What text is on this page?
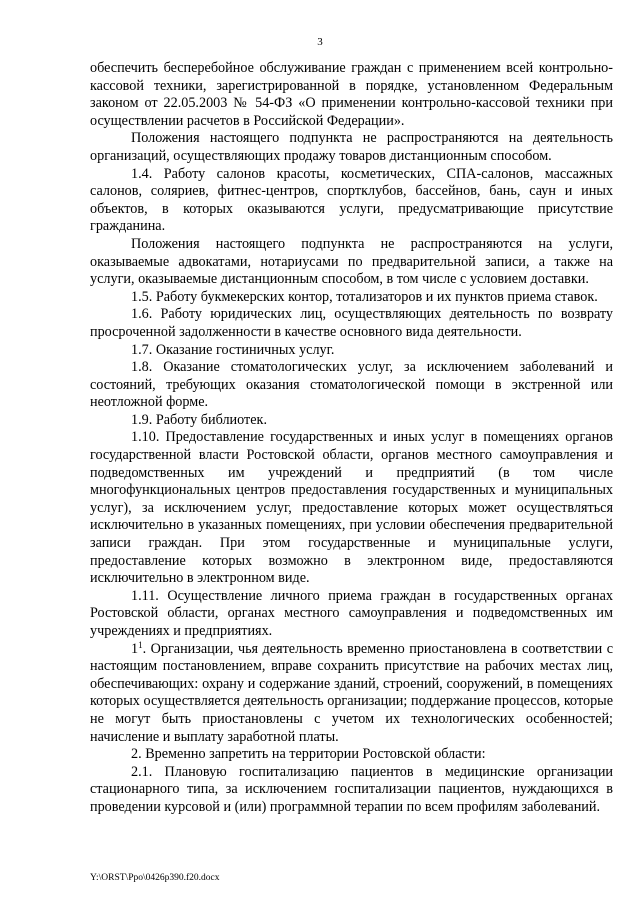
3

обеспечить бесперебойное обслуживание граждан с применением всей контрольно-кассовой техники, зарегистрированной в порядке, установленном Федеральным законом от 22.05.2003 № 54-ФЗ «О применении контрольно-кассовой техники при осуществлении расчетов в Российской Федерации».

Положения настоящего подпункта не распространяются на деятельность организаций, осуществляющих продажу товаров дистанционным способом.

1.4. Работу салонов красоты, косметических, СПА-салонов, массажных салонов, соляриев, фитнес-центров, спортклубов, бассейнов, бань, саун и иных объектов, в которых оказываются услуги, предусматривающие присутствие гражданина.

Положения настоящего подпункта не распространяются на услуги, оказываемые адвокатами, нотариусами по предварительной записи, а также на услуги, оказываемые дистанционным способом, в том числе с условием доставки.

1.5. Работу букмекерских контор, тотализаторов и их пунктов приема ставок.

1.6. Работу юридических лиц, осуществляющих деятельность по возврату просроченной задолженности в качестве основного вида деятельности.

1.7. Оказание гостиничных услуг.

1.8. Оказание стоматологических услуг, за исключением заболеваний и состояний, требующих оказания стоматологической помощи в экстренной или неотложной форме.

1.9. Работу библиотек.

1.10. Предоставление государственных и иных услуг в помещениях органов государственной власти Ростовской области, органов местного самоуправления и подведомственных им учреждений и предприятий (в том числе многофункциональных центров предоставления государственных и муниципальных услуг), за исключением услуг, предоставление которых может осуществляться исключительно в указанных помещениях, при условии обеспечения предварительной записи граждан. При этом государственные и муниципальные услуги, предоставление которых возможно в электронном виде, предоставляются исключительно в электронном виде.

1.11. Осуществление личного приема граждан в государственных органах Ростовской области, органах местного самоуправления и подведомственных им учреждениях и предприятиях.

$1^1$. Организации, чья деятельность временно приостановлена в соответствии с настоящим постановлением, вправе сохранить присутствие на рабочих местах лиц, обеспечивающих: охрану и содержание зданий, строений, сооружений, в помещениях которых осуществляется деятельность организации; поддержание процессов, которые не могут быть приостановлены с учетом их технологических особенностей; начисление и выплату заработной платы.

2. Временно запретить на территории Ростовской области:

2.1. Плановую госпитализацию пациентов в медицинские организации стационарного типа, за исключением госпитализации пациентов, нуждающихся в проведении курсовой и (или) программной терапии по всем профилям заболеваний.

Y:\ORST\Ppo\0426p390.f20.docx
